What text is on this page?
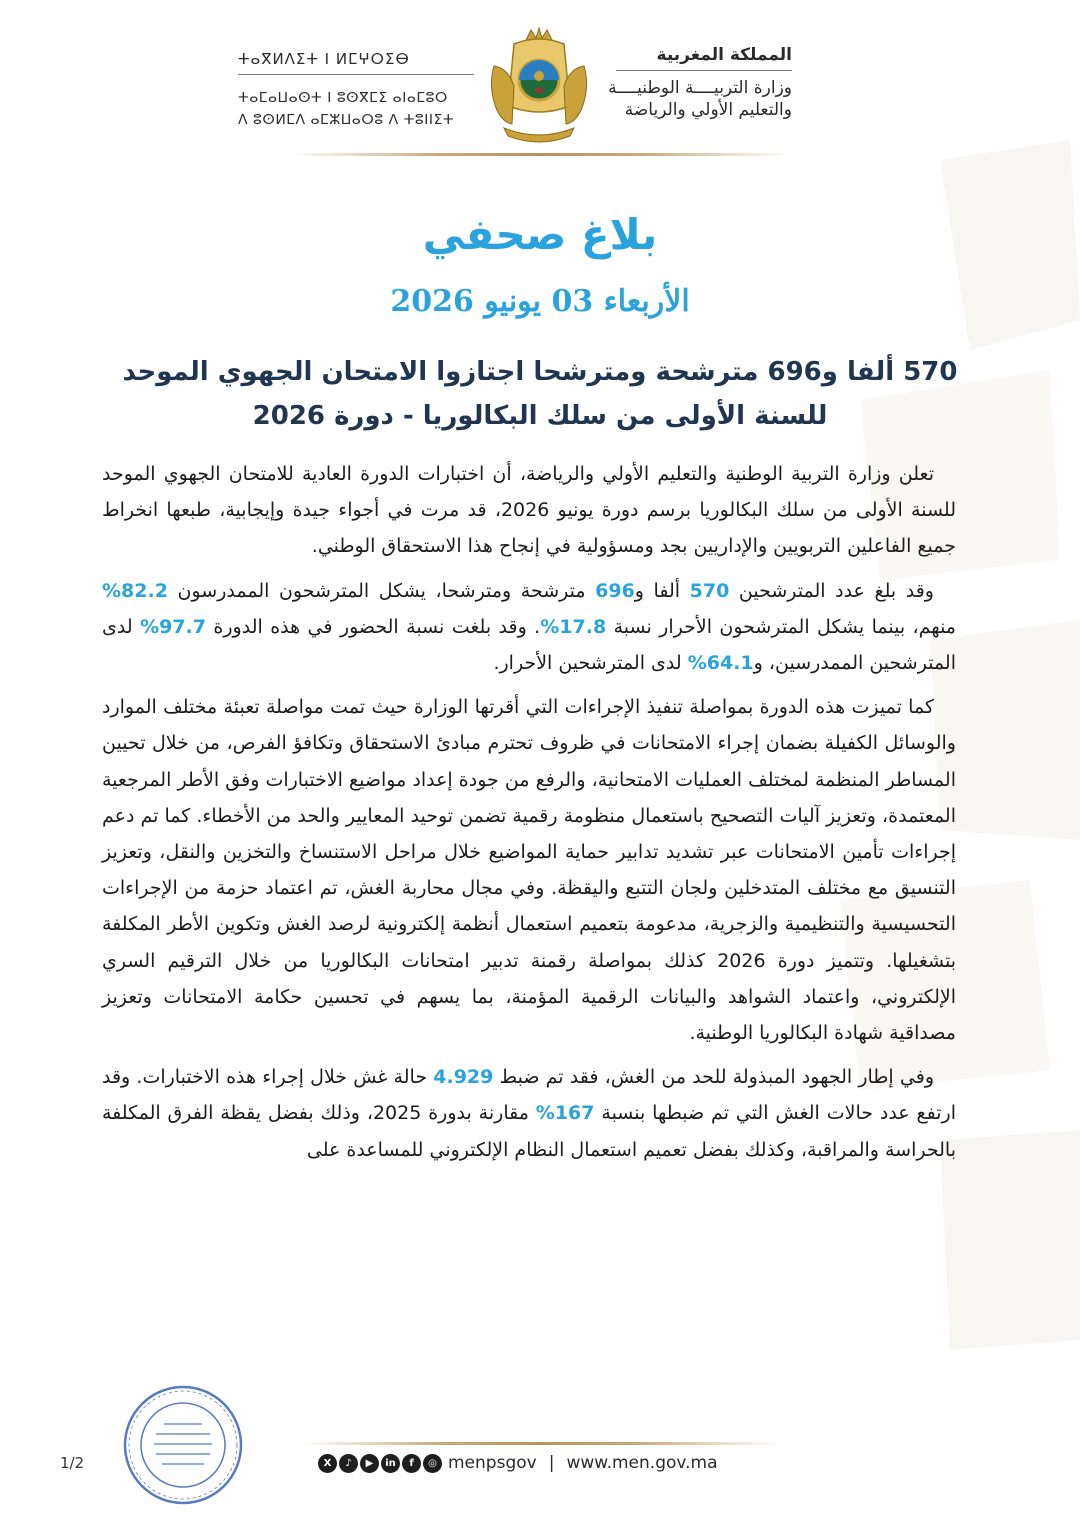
ⵜⴰⴳⵍⴷⵉⵜ ⵏ ⵍⵎⵖⵔⵉⴱ
ⵜⴰⵎⴰⵡⴰⵙⵜ ⵏ ⵓⵙⴳⵎⵉ ⴰⵏⴰⵎⵓⵔ
ⴷ ⵓⵙⵍⵎⴷ ⴰⵎⵣⵡⴰⵔⵓ ⴷ ⵜⵓⵏⵏⵉⵜ
المملكة المغربية
وزارة التربيــــة الوطنيــــة
والتعليم الأولي والرياضة
بلاغ صحفي
الأربعاء 03 يونيو 2026
570 ألفا و696 مترشحة ومترشحا اجتازوا الامتحان الجهوي الموحد
للسنة الأولى من سلك البكالوريا - دورة 2026

تعلن وزارة التربية الوطنية والتعليم الأولي والرياضة، أن اختبارات الدورة العادية للامتحان الجهوي الموحد للسنة الأولى من سلك البكالوريا برسم دورة يونيو 2026، قد مرت في أجواء جيدة وإيجابية، طبعها انخراط جميع الفاعلين التربويين والإداريين بجد ومسؤولية في إنجاح هذا الاستحقاق الوطني.

وقد بلغ عدد المترشحين 570 ألفا و696 مترشحة ومترشحا، يشكل المترشحون الممدرسون 82.2% منهم، بينما يشكل المترشحون الأحرار نسبة 17.8%. وقد بلغت نسبة الحضور في هذه الدورة 97.7% لدى المترشحين الممدرسين، و64.1% لدى المترشحين الأحرار.

كما تميزت هذه الدورة بمواصلة تنفيذ الإجراءات التي أقرتها الوزارة حيث تمت مواصلة تعبئة مختلف الموارد والوسائل الكفيلة بضمان إجراء الامتحانات في ظروف تحترم مبادئ الاستحقاق وتكافؤ الفرص، من خلال تحيين المساطر المنظمة لمختلف العمليات الامتحانية، والرفع من جودة إعداد مواضيع الاختبارات وفق الأطر المرجعية المعتمدة، وتعزيز آليات التصحيح باستعمال منظومة رقمية تضمن توحيد المعايير والحد من الأخطاء. كما تم دعم إجراءات تأمين الامتحانات عبر تشديد تدابير حماية المواضيع خلال مراحل الاستنساخ والتخزين والنقل، وتعزيز التنسيق مع مختلف المتدخلين ولجان التتبع واليقظة. وفي مجال محاربة الغش، تم اعتماد حزمة من الإجراءات التحسيسية والتنظيمية والزجرية، مدعومة بتعميم استعمال أنظمة إلكترونية لرصد الغش وتكوين الأطر المكلفة بتشغيلها. وتتميز دورة 2026 كذلك بمواصلة رقمنة تدبير امتحانات البكالوريا من خلال الترقيم السري الإلكتروني، واعتماد الشواهد والبيانات الرقمية المؤمنة، بما يسهم في تحسين حكامة الامتحانات وتعزيز مصداقية شهادة البكالوريا الوطنية.

وفي إطار الجهود المبذولة للحد من الغش، فقد تم ضبط 4.929 حالة غش خلال إجراء هذه الاختبارات. وقد ارتفع عدد حالات الغش التي تم ضبطها بنسبة 167% مقارنة بدورة 2025، وذلك بفضل يقظة الفرق المكلفة بالحراسة والمراقبة، وكذلك بفضل تعميم استعمال النظام الإلكتروني للمساعدة على

X	♪	▶	in	f	◎ menpsgov | www.men.gov.ma
1/2
